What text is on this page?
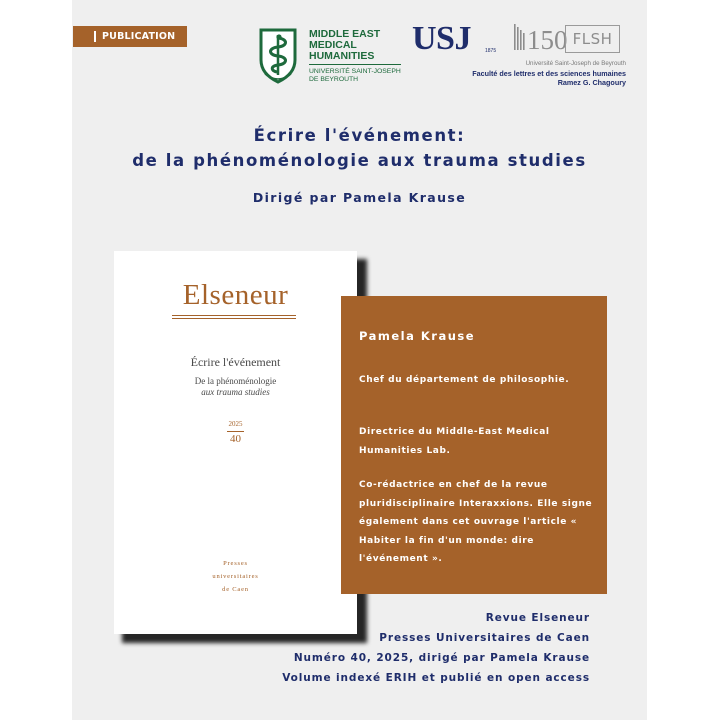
PUBLICATION	MIDDLE EAST
MEDICAL
HUMANITIES
UNIVERSITÉ SAINT-JOSEPH
DE BEYROUTH
USJ	1875 150 FLSH
Université Saint-Joseph de Beyrouth
Faculté des lettres et des sciences humaines
Ramez G. Chagoury
Écrire l'événement:
de la phénoménologie aux trauma studies
Dirigé par Pamela Krause
Elseneur
Écrire l'événement
De la phénoménologie
aux trauma studies
2025
40
Presses
universitaires
de Caen
Pamela Krause
Chef du département de philosophie.
Directrice du Middle-East Medical Humanities Lab.
Co-rédactrice en chef de la revue pluridisciplinaire Interaxxions. Elle signe également dans cet ouvrage l'article « Habiter la fin d'un monde: dire l'événement ».
Revue Elseneur
Presses Universitaires de Caen
Numéro 40, 2025, dirigé par Pamela Krause
Volume indexé ERIH et publié en open access
